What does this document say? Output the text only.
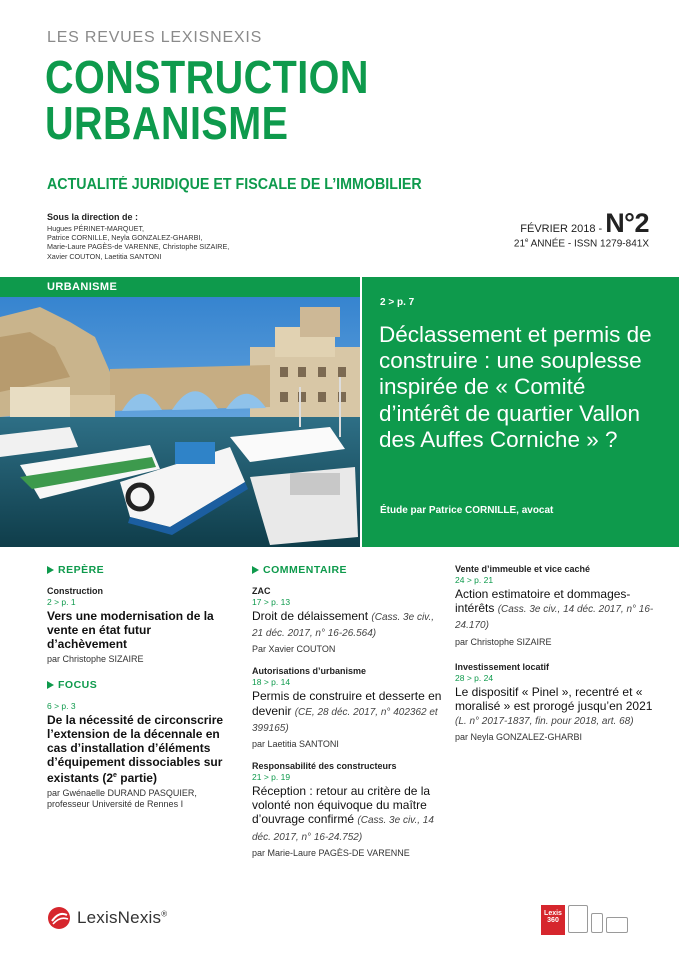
LES REVUES LEXISNEXIS
CONSTRUCTION
URBANISME
ACTUALITÉ JURIDIQUE ET FISCALE DE L’IMMOBILIER
Sous la direction de :
Hugues PÉRINET-MARQUET,
Patrice CORNILLE, Neyla GONZALEZ-GHARBI,
Marie-Laure PAGÈS-de VARENNE, Christophe SIZAIRE,
Xavier COUTON, Laetitia SANTONI
FÉVRIER 2018 - N°2
21e ANNÉE - ISSN 1279-841X
URBANISME
2 > p. 7
Déclassement et permis de construire : une souplesse inspirée de « Comité d’intérêt de quartier Vallon des Auffes Corniche » ?
Étude par Patrice CORNILLE, avocat
REPÈRE
Construction
2 > p. 1
Vers une modernisation de la vente en état futur d’achèvement
par Christophe SIZAIRE
FOCUS
6 > p. 3
De la nécessité de circonscrire l’extension de la décennale en cas d’installation d’éléments d’équipement dissociables sur existants (2e partie)
par Gwénaelle DURAND PASQUIER,
professeur Université de Rennes I
COMMENTAIRE
ZAC
17 > p. 13
Droit de délaissement (Cass. 3e civ., 21 déc. 2017, n° 16-26.564)
Par Xavier COUTON
Autorisations d’urbanisme
18 > p. 14
Permis de construire et desserte en devenir (CE, 28 déc. 2017, n° 402362 et 399165)
par Laetitia SANTONI
Responsabilité des constructeurs
21 > p. 19
Réception : retour au critère de la volonté non équivoque du maître d’ouvrage confirmé (Cass. 3e civ., 14 déc. 2017, n° 16-24.752)
par Marie-Laure PAGÈS-DE VARENNE
Vente d’immeuble et vice caché
24 > p. 21
Action estimatoire et dommages-intérêts (Cass. 3e civ., 14 déc. 2017, n° 16-24.170)
par Christophe SIZAIRE
Investissement locatif
28 > p. 24
Le dispositif « Pinel », recentré et « moralisé » est prorogé jusqu’en 2021 (L. n° 2017-1837, fin. pour 2018, art. 68)
par Neyla GONZALEZ-GHARBI
LexisNexis®	Lexis
360
